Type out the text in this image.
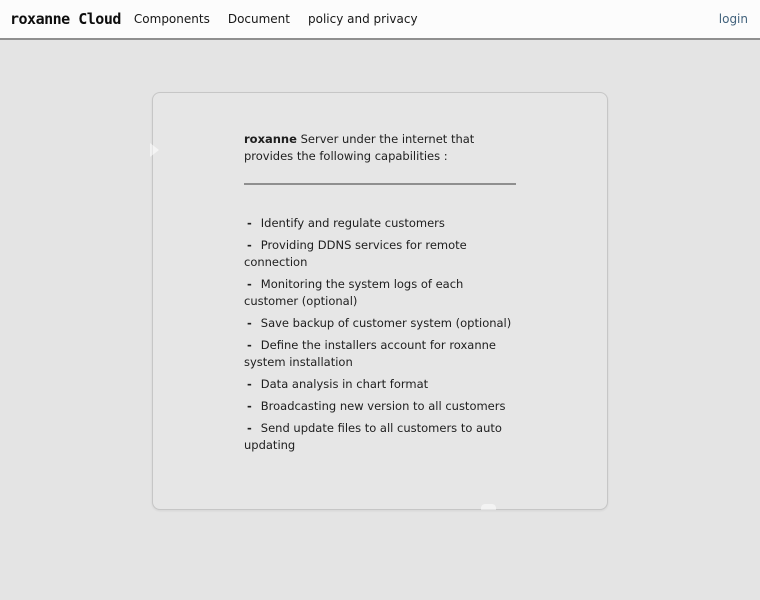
roxanne Cloud	Components	Document	policy and privacy	login

roxanne Server under the internet that provides the following capabilities :

- Identify and regulate customers

- Providing DDNS services for remote connection

- Monitoring the system logs of each customer (optional)

- Save backup of customer system (optional)

- Define the installers account for roxanne system installation

- Data analysis in chart format

- Broadcasting new version to all customers

- Send update files to all customers to auto updating
